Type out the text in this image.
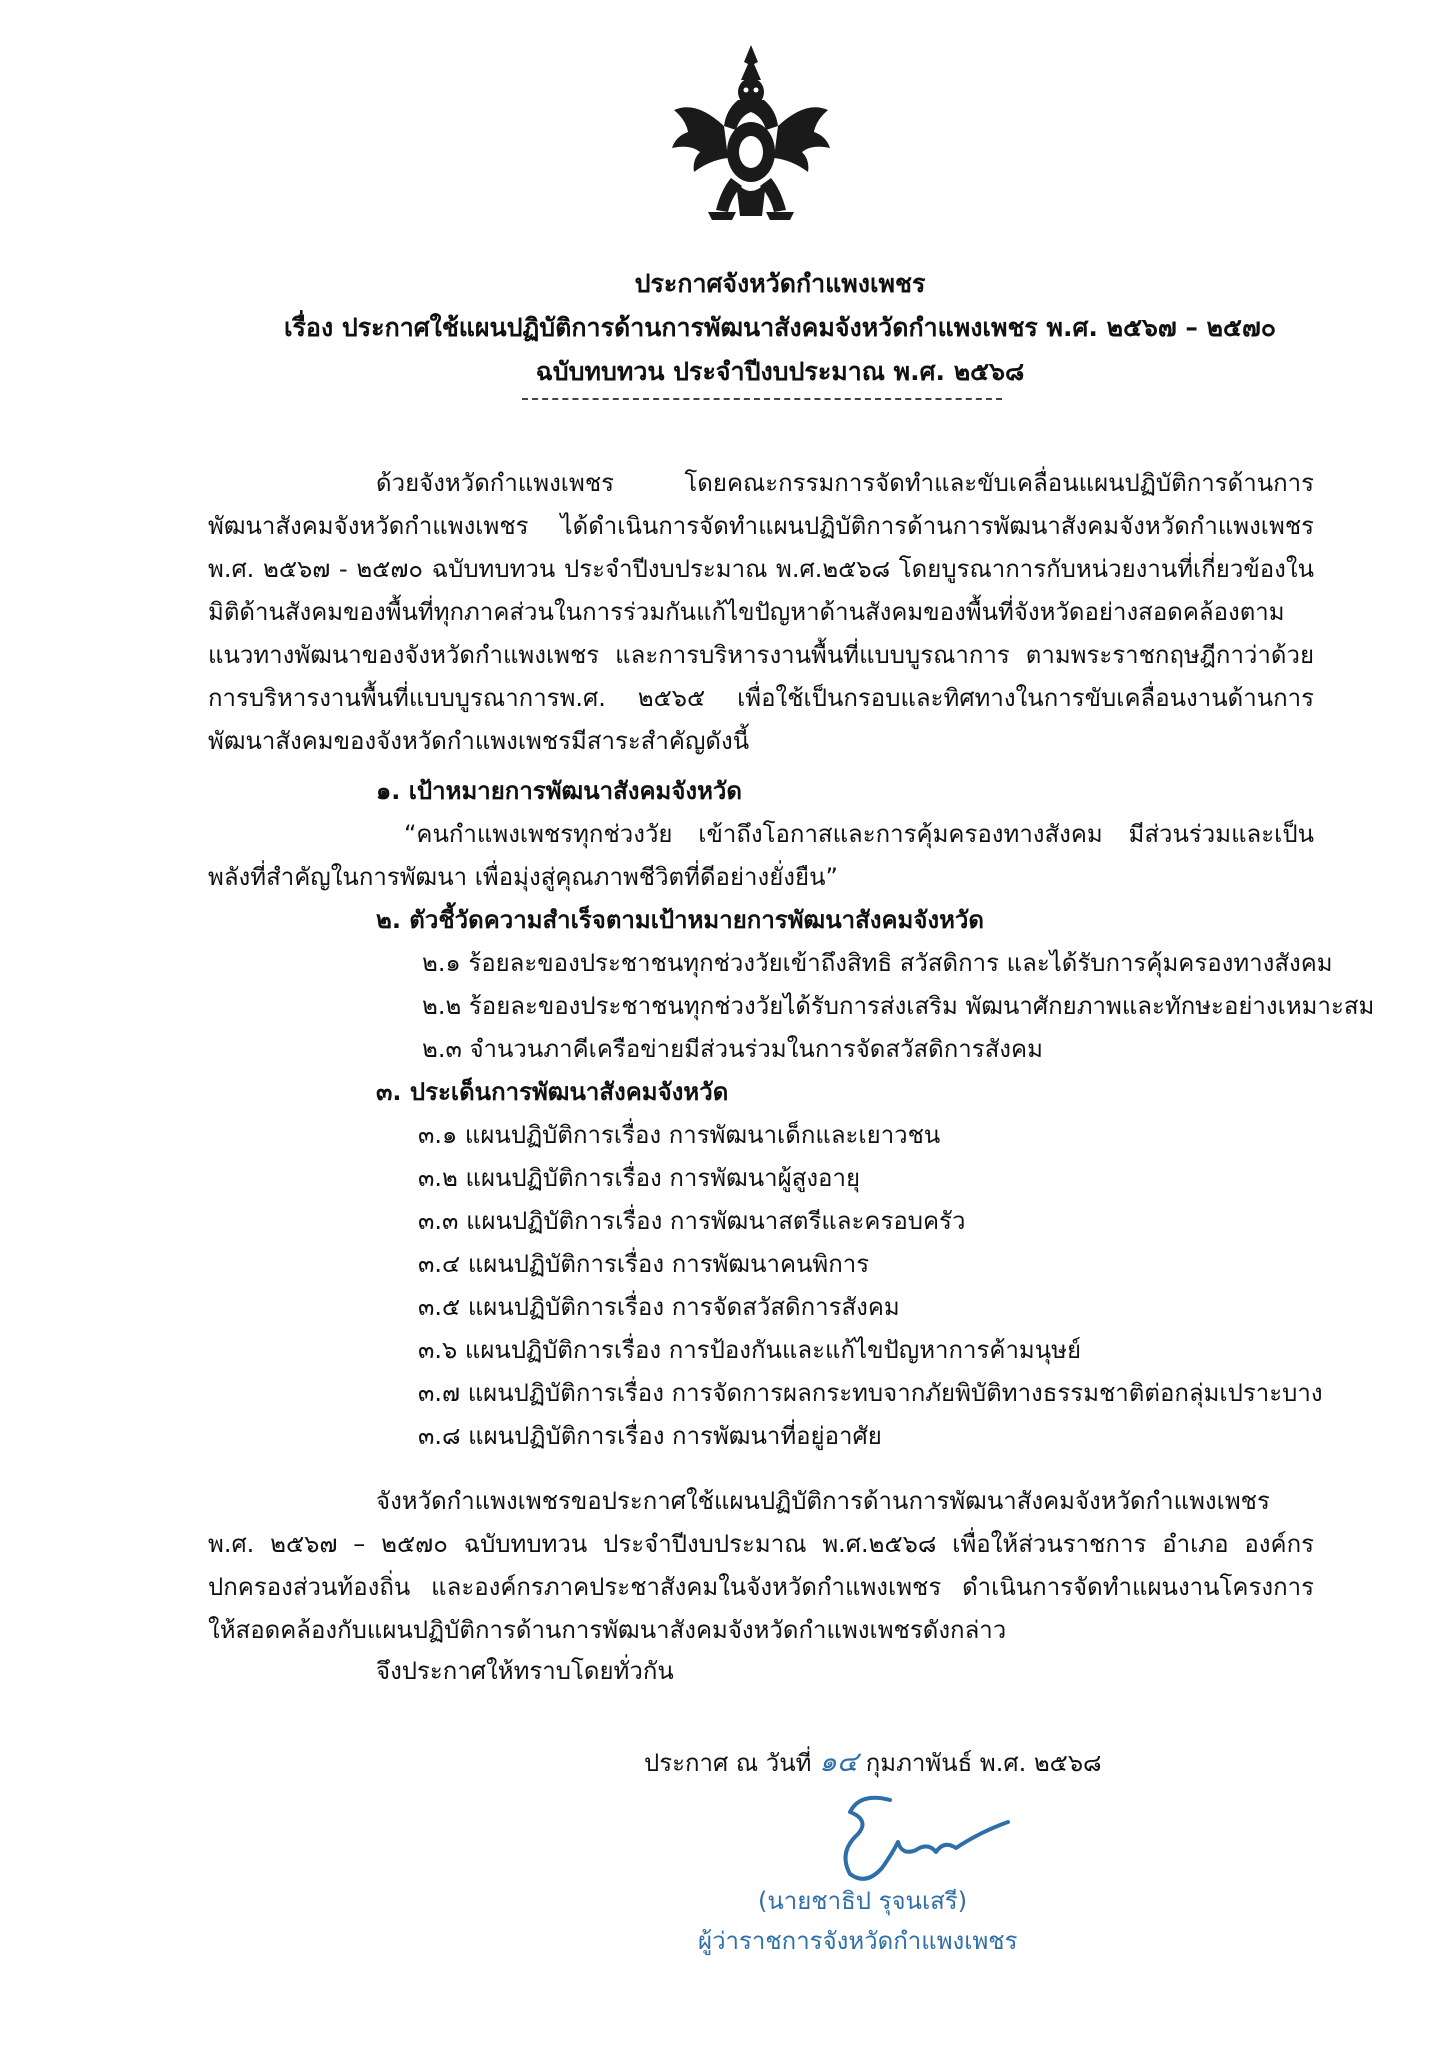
ประกาศจังหวัดกำแพงเพชร
เรื่อง ประกาศใช้แผนปฏิบัติการด้านการพัฒนาสังคมจังหวัดกำแพงเพชร พ.ศ. ๒๕๖๗ – ๒๕๗๐
ฉบับทบทวน ประจำปีงบประมาณ พ.ศ. ๒๕๖๘
ด้วยจังหวัดกำแพงเพชร โดยคณะกรรมการจัดทำและขับเคลื่อนแผนปฏิบัติการด้านการพัฒนาสังคมจังหวัดกำแพงเพชร ได้ดำเนินการจัดทำแผนปฏิบัติการด้านการพัฒนาสังคมจังหวัดกำแพงเพชร พ.ศ. ๒๕๖๗ - ๒๕๗๐ ฉบับทบทวน ประจำปีงบประมาณ พ.ศ.๒๕๖๘ โดยบูรณาการกับหน่วยงานที่เกี่ยวข้องในมิติด้านสังคมของพื้นที่ทุกภาคส่วนในการร่วมกันแก้ไขปัญหาด้านสังคมของพื้นที่จังหวัดอย่างสอดคล้องตามแนวทางพัฒนาของจังหวัดกำแพงเพชร และการบริหารงานพื้นที่แบบบูรณาการ ตามพระราชกฤษฎีกาว่าด้วยการบริหารงานพื้นที่แบบบูรณาการพ.ศ. ๒๕๖๕ เพื่อใช้เป็นกรอบและทิศทางในการขับเคลื่อนงานด้านการพัฒนาสังคมของจังหวัดกำแพงเพชรมีสาระสำคัญดังนี้
๑. เป้าหมายการพัฒนาสังคมจังหวัด
“คนกำแพงเพชรทุกช่วงวัย เข้าถึงโอกาสและการคุ้มครองทางสังคม มีส่วนร่วมและเป็นพลังที่สำคัญในการพัฒนา เพื่อมุ่งสู่คุณภาพชีวิตที่ดีอย่างยั่งยืน”
๒. ตัวชี้วัดความสำเร็จตามเป้าหมายการพัฒนาสังคมจังหวัด
๒.๑ ร้อยละของประชาชนทุกช่วงวัยเข้าถึงสิทธิ สวัสดิการ และได้รับการคุ้มครองทางสังคม
๒.๒ ร้อยละของประชาชนทุกช่วงวัยได้รับการส่งเสริม พัฒนาศักยภาพและทักษะอย่างเหมาะสม
๒.๓ จำนวนภาคีเครือข่ายมีส่วนร่วมในการจัดสวัสดิการสังคม
๓. ประเด็นการพัฒนาสังคมจังหวัด
๓.๑ แผนปฏิบัติการเรื่อง การพัฒนาเด็กและเยาวชน
๓.๒ แผนปฏิบัติการเรื่อง การพัฒนาผู้สูงอายุ
๓.๓ แผนปฏิบัติการเรื่อง การพัฒนาสตรีและครอบครัว
๓.๔ แผนปฏิบัติการเรื่อง การพัฒนาคนพิการ
๓.๕ แผนปฏิบัติการเรื่อง การจัดสวัสดิการสังคม
๓.๖ แผนปฏิบัติการเรื่อง การป้องกันและแก้ไขปัญหาการค้ามนุษย์
๓.๗ แผนปฏิบัติการเรื่อง การจัดการผลกระทบจากภัยพิบัติทางธรรมชาติต่อกลุ่มเปราะบาง
๓.๘ แผนปฏิบัติการเรื่อง การพัฒนาที่อยู่อาศัย
จังหวัดกำแพงเพชรขอประกาศใช้แผนปฏิบัติการด้านการพัฒนาสังคมจังหวัดกำแพงเพชร พ.ศ. ๒๕๖๗ – ๒๕๗๐ ฉบับทบทวน ประจำปีงบประมาณ พ.ศ.๒๕๖๘ เพื่อให้ส่วนราชการ อำเภอ องค์กรปกครองส่วนท้องถิ่น และองค์กรภาคประชาสังคมในจังหวัดกำแพงเพชร ดำเนินการจัดทำแผนงานโครงการให้สอดคล้องกับแผนปฏิบัติการด้านการพัฒนาสังคมจังหวัดกำแพงเพชรดังกล่าว
จึงประกาศให้ทราบโดยทั่วกัน
ประกาศ ณ วันที่ ๑๔ กุมภาพันธ์ พ.ศ. ๒๕๖๘
(นายชาธิป รุจนเสรี)
ผู้ว่าราชการจังหวัดกำแพงเพชร
